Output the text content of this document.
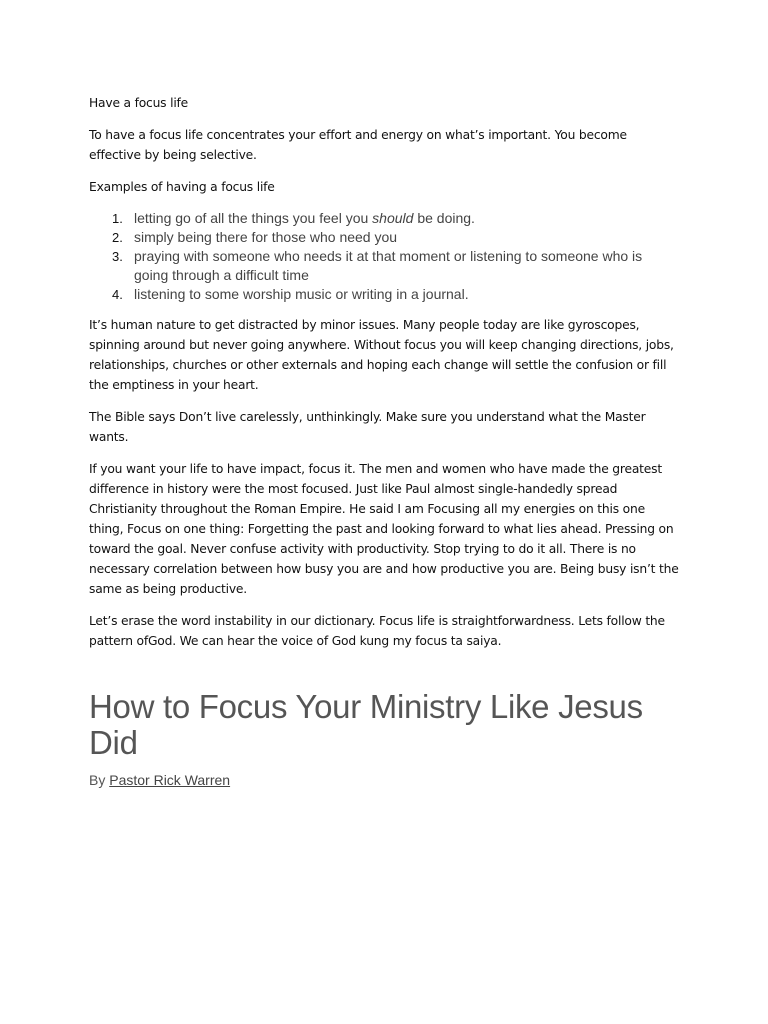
Have a focus life

To have a focus life concentrates your effort and energy on what’s important. You become effective by being selective.

Examples of having a focus life

1. letting go of all the things you feel you should be doing.
2. simply being there for those who need you
3. praying with someone who needs it at that moment or listening to someone who is going through a difficult time
4. listening to some worship music or writing in a journal.

It’s human nature to get distracted by minor issues. Many people today are like gyroscopes, spinning around but never going anywhere. Without focus you will keep changing directions, jobs, relationships, churches or other externals and hoping each change will settle the confusion or fill the emptiness in your heart.

The Bible says Don’t live carelessly, unthinkingly. Make sure you understand what the Master wants.

If you want your life to have impact, focus it. The men and women who have made the greatest difference in history were the most focused. Just like Paul almost single-handedly spread Christianity throughout the Roman Empire. He said I am Focusing all my energies on this one thing, Focus on one thing: Forgetting the past and looking forward to what lies ahead. Pressing on toward the goal. Never confuse activity with productivity. Stop trying to do it all. There is no necessary correlation between how busy you are and how productive you are. Being busy isn’t the same as being productive.

Let’s erase the word instability in our dictionary. Focus life is straightforwardness. Lets follow the pattern ofGod. We can hear the voice of God kung my focus ta saiya.

How to Focus Your Ministry Like Jesus Did

By Pastor Rick Warren
